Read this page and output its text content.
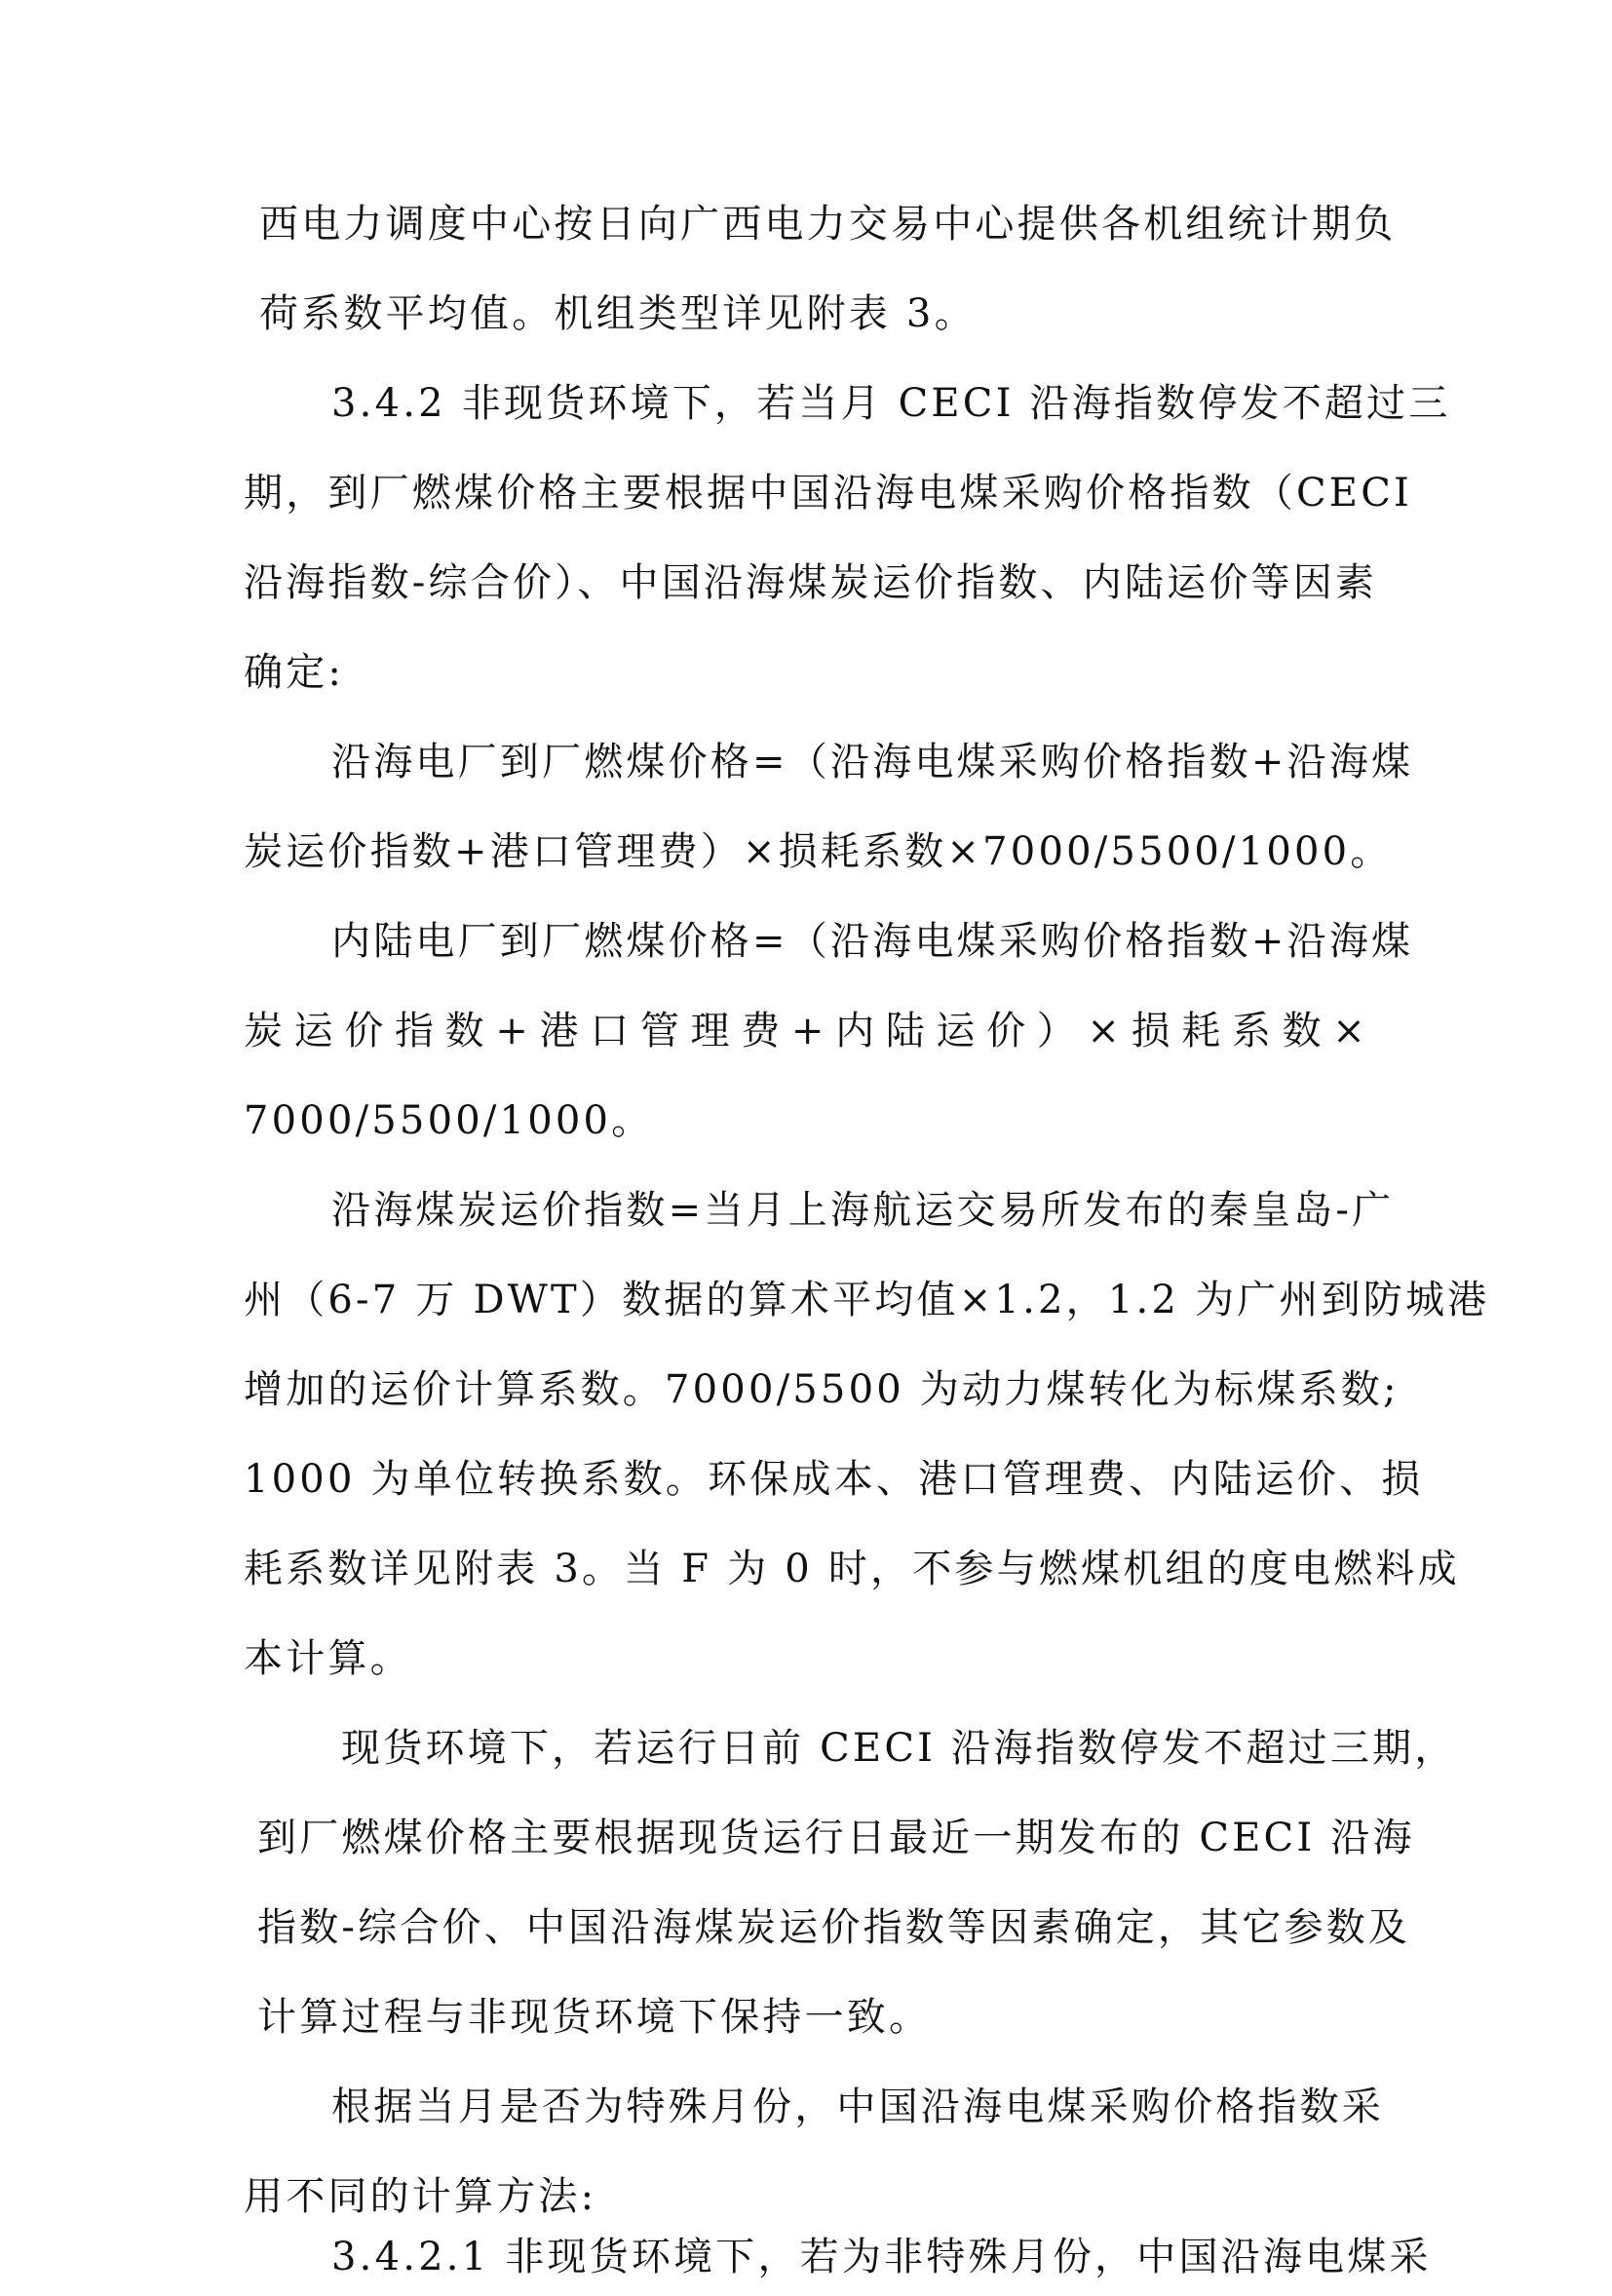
西电力调度中心按日向广西电力交易中心提供各机组统计期负
荷系数平均值。机组类型详见附表 3。
3.4.2 非现货环境下，若当月 CECI 沿海指数停发不超过三
期，到厂燃煤价格主要根据中国沿海电煤采购价格指数（CECI
沿海指数-综合价）、中国沿海煤炭运价指数、内陆运价等因素
确定:
沿海电厂到厂燃煤价格=（沿海电煤采购价格指数+沿海煤
炭运价指数+港口管理费）×损耗系数×7000/5500/1000。
内陆电厂到厂燃煤价格=（沿海电煤采购价格指数+沿海煤
炭运价指数+港口管理费+内陆运价）×损耗系数×
7000/5500/1000。
沿海煤炭运价指数=当月上海航运交易所发布的秦皇岛-广
州（6-7 万 DWT）数据的算术平均值×1.2，1.2 为广州到防城港
增加的运价计算系数。7000/5500 为动力煤转化为标煤系数;
1000 为单位转换系数。环保成本、港口管理费、内陆运价、损
耗系数详见附表 3。当 F 为 0 时，不参与燃煤机组的度电燃料成
本计算。
现货环境下，若运行日前 CECI 沿海指数停发不超过三期，
到厂燃煤价格主要根据现货运行日最近一期发布的 CECI 沿海
指数-综合价、中国沿海煤炭运价指数等因素确定，其它参数及
计算过程与非现货环境下保持一致。
根据当月是否为特殊月份，中国沿海电煤采购价格指数采
用不同的计算方法:
3.4.2.1 非现货环境下，若为非特殊月份，中国沿海电煤采
